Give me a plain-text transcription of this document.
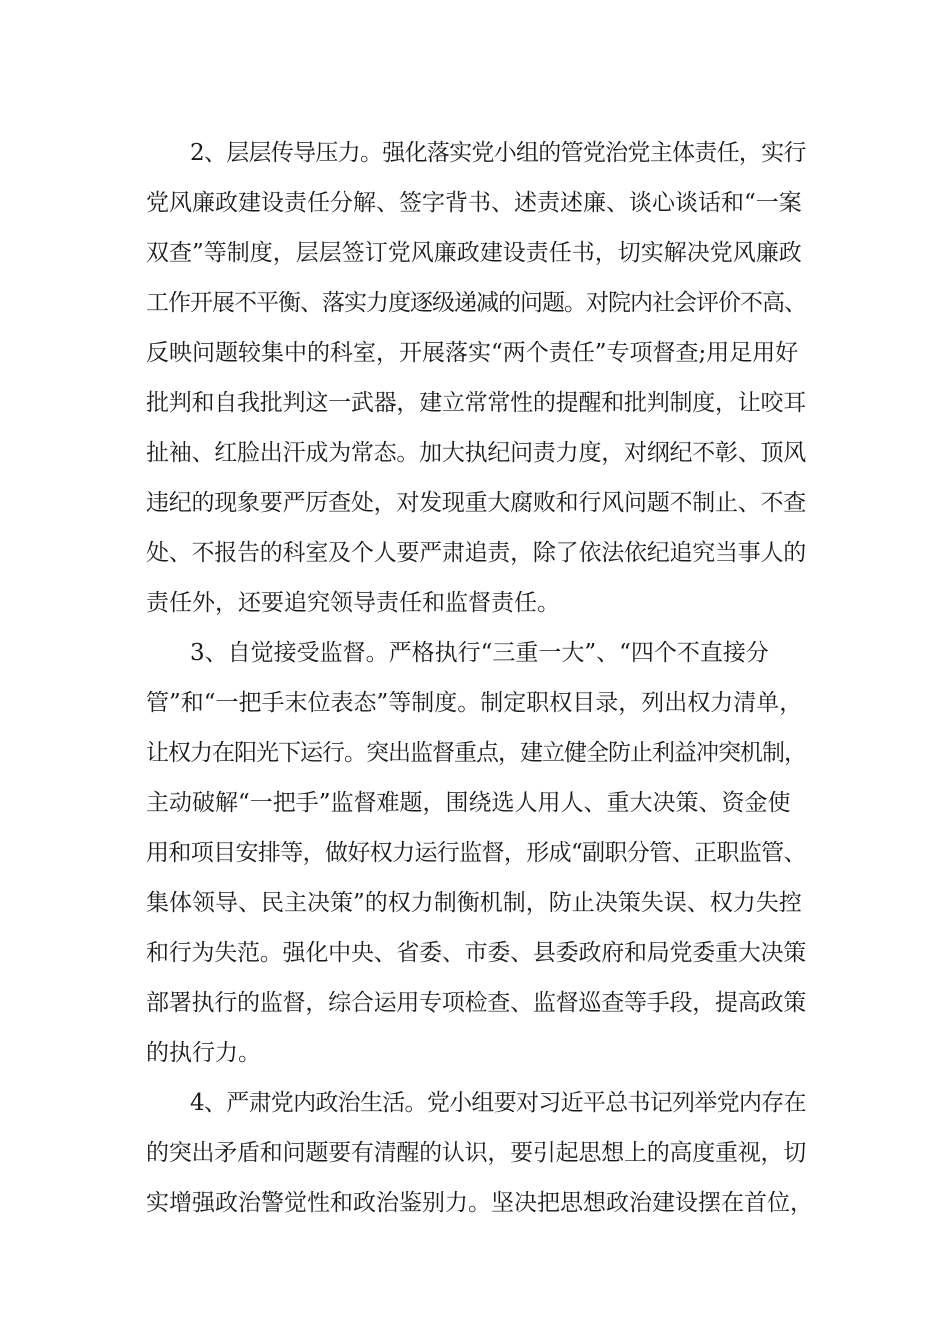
2、层层传导压力。强化落实党小组的管党治党主体责任，实行
党风廉政建设责任分解、签字背书、述责述廉、谈心谈话和“一案
双查”等制度，层层签订党风廉政建设责任书，切实解决党风廉政
工作开展不平衡、落实力度逐级递减的问题。对院内社会评价不高、
反映问题较集中的科室，开展落实“两个责任”专项督查;用足用好
批判和自我批判这一武器，建立常常性的提醒和批判制度，让咬耳
扯袖、红脸出汗成为常态。加大执纪问责力度，对纲纪不彰、顶风
违纪的现象要严厉查处，对发现重大腐败和行风问题不制止、不查
处、不报告的科室及个人要严肃追责，除了依法依纪追究当事人的
责任外，还要追究领导责任和监督责任。
3、自觉接受监督。严格执行“三重一大”、“四个不直接分
管”和“一把手末位表态”等制度。制定职权目录，列出权力清单，
让权力在阳光下运行。突出监督重点，建立健全防止利益冲突机制，
主动破解“一把手”监督难题，围绕选人用人、重大决策、资金使
用和项目安排等，做好权力运行监督，形成“副职分管、正职监管、
集体领导、民主决策”的权力制衡机制，防止决策失误、权力失控
和行为失范。强化中央、省委、市委、县委政府和局党委重大决策
部署执行的监督，综合运用专项检查、监督巡查等手段，提高政策
的执行力。
4、严肃党内政治生活。党小组要对习近平总书记列举党内存在
的突出矛盾和问题要有清醒的认识，要引起思想上的高度重视，切
实增强政治警觉性和政治鉴别力。坚决把思想政治建设摆在首位，
